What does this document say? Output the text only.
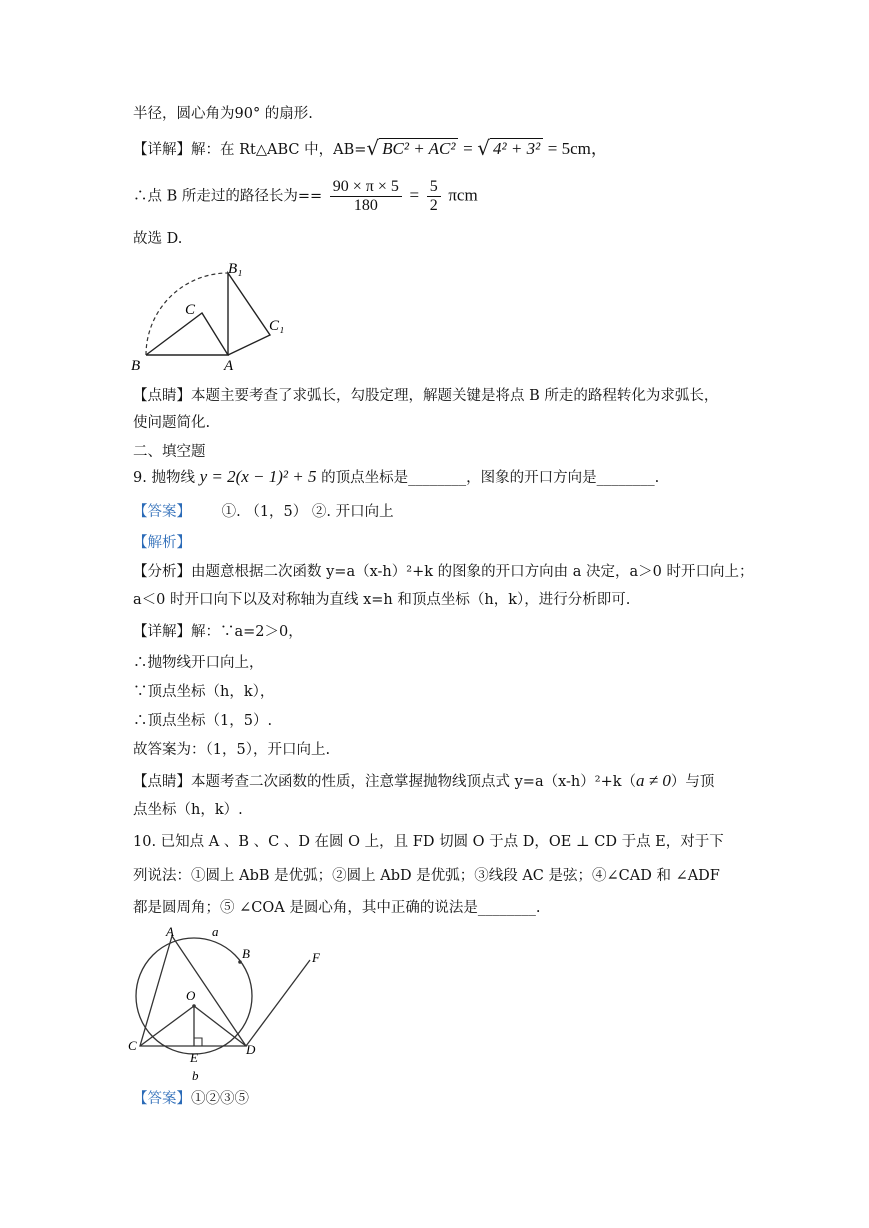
半径，圆心角为90° 的扇形.
【详解】解：在 Rt△ABC 中，AB=√ BC² + AC² = √ 4² + 3² = 5cm，
∴点 B 所走过的路径长为== $\frac{90 \times \pi \times 5}{180} = \frac{5}{2}$ πcm
故选 D.
B₁
C
C₁
B	A
【点睛】本题主要考查了求弧长，勾股定理，解题关键是将点 B 所走的路程转化为求弧长，
使问题简化.
二、填空题
9. 抛物线 y = 2(x − 1)² + 5 的顶点坐标是________，图象的开口方向是________.
【答案】 ①. （1，5） ②. 开口向上
【解析】
【分析】由题意根据二次函数 y=a（x-h）²+k 的图象的开口方向由 a 决定，a＞0 时开口向上；
a＜0 时开口向下以及对称轴为直线 x=h 和顶点坐标（h，k），进行分析即可.
【详解】解：∵a=2＞0，
∴抛物线开口向上，
∵顶点坐标（h，k），
∴顶点坐标（1，5）.
故答案为：（1，5），开口向上.
【点睛】本题考查二次函数的性质，注意掌握抛物线顶点式 y=a（x-h）²+k（a ≠ 0）与顶
点坐标（h，k）.
10. 已知点 A 、B 、C 、D 在圆 O 上，且 FD 切圆 O 于点 D，OE ⊥ CD 于点 E，对于下
列说法：①圆上 AbB 是优弧；②圆上 AbD 是优弧；③线段 AC 是弦；④∠CAD 和 ∠ADF
都是圆周角；⑤ ∠COA 是圆心角，其中正确的说法是________.
A	a
B	F
O
C
E
D
b
【答案】①②③⑤
